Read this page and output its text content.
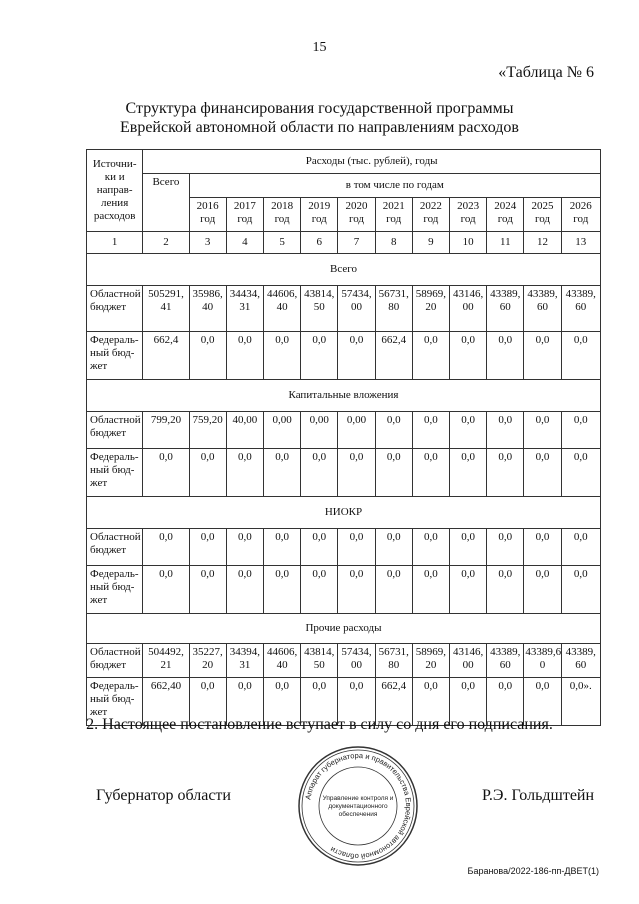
15
«Таблица № 6
Структура финансирования государственной программы
Еврейской автономной области по направлениям расходов
Источни-ки и направ-ления расходов	Расходы (тыс. рублей), годы											
	Всего	в том числе по годам										
		2016 год	2017 год	2018 год	2019 год	2020 год	2021 год	2022 год	2023 год	2024 год	2025 год	2026 год
1	2	3	4	5	6	7	8	9	10	11	12	13
Всего												
Областной бюджет	505291, 41	35986, 40	34434, 31	44606, 40	43814, 50	57434, 00	56731, 80	58969, 20	43146, 00	43389, 60	43389, 60	43389, 60
Федераль-ный бюд-жет	662,4	0,0	0,0	0,0	0,0	0,0	662,4	0,0	0,0	0,0	0,0	0,0
Капитальные вложения												
Областной бюджет	799,20	759,20	40,00	0,00	0,00	0,00	0,0	0,0	0,0	0,0	0,0	0,0
Федераль-ный бюд-жет	0,0	0,0	0,0	0,0	0,0	0,0	0,0	0,0	0,0	0,0	0,0	0,0
НИОКР												
Областной бюджет	0,0	0,0	0,0	0,0	0,0	0,0	0,0	0,0	0,0	0,0	0,0	0,0
Федераль-ный бюд-жет	0,0	0,0	0,0	0,0	0,0	0,0	0,0	0,0	0,0	0,0	0,0	0,0
Прочие расходы												
Областной бюджет	504492, 21	35227, 20	34394, 31	44606, 40	43814, 50	57434, 00	56731, 80	58969, 20	43146, 00	43389, 60	43389,6 0	43389, 60
Федераль-ный бюд-жет	662,40	0,0	0,0	0,0	0,0	0,0	662,4	0,0	0,0	0,0	0,0	0,0».
2. Настоящее постановление вступает в силу со дня его подписания.
Губернатор области	Р.Э. Гольдштейн
Аппарат губернатора и правительства Еврейской автономной области
Управление контроля и
документационного
обеспечения
Баранова/2022-186-пп-ДВЕТ(1)
